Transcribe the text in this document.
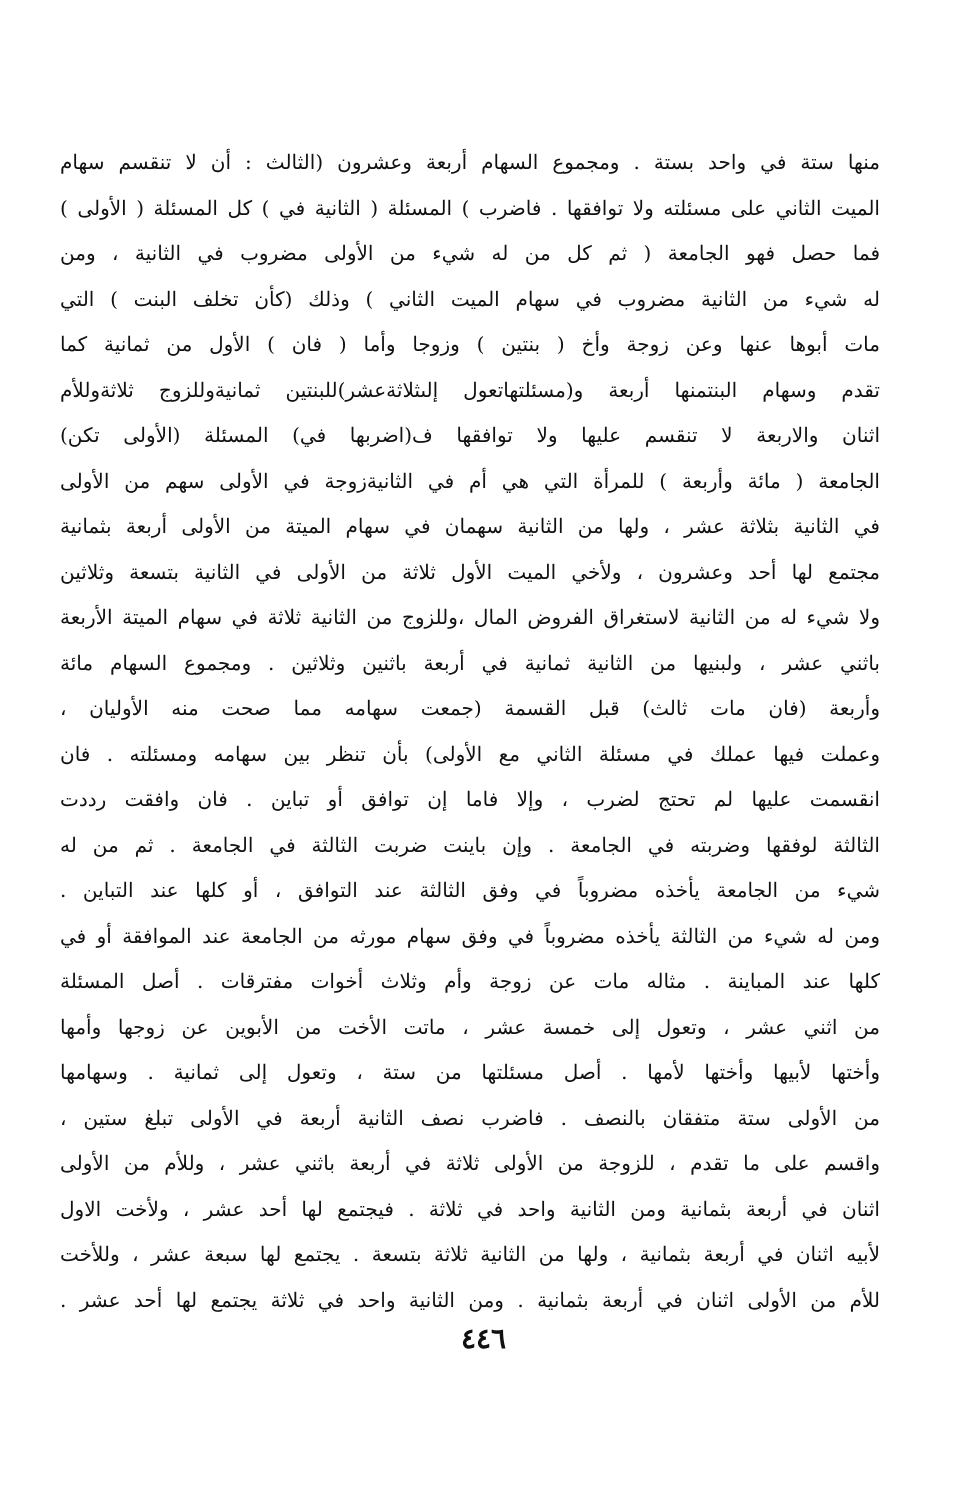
منها ستة في واحد بستة . ومجموع السهام أربعة وعشرون (الثالث : أن لا تنقسم سهام
الميت الثاني على مسئلته ولا توافقها . فاضرب ) المسئلة ( الثانية في ) كل المسئلة ( الأولى )
فما حصل فهو الجامعة ( ثم كل من له شيء من الأولى مضروب في الثانية ، ومن
له شيء من الثانية مضروب في سهام الميت الثاني ) وذلك (كأن تخلف البنت ) التي
مات أبوها عنها وعن زوجة وأخ ( بنتين ) وزوجا وأما ( فان ) الأول من ثمانية كما
تقدم وسهام البنتمنها أربعة و(مسئلتهاتعول إلىثلاثةعشر)للبنتين ثمانيةوللزوج ثلاثةوللأم
اثنان والاربعة لا تنقسم عليها ولا توافقها ف(اضربها في) المسئلة (الأولى تكن)
الجامعة ( مائة وأربعة ) للمرأة التي هي أم في الثانيةزوجة في الأولى سهم من الأولى
في الثانية بثلاثة عشر ، ولها من الثانية سهمان في سهام الميتة من الأولى أربعة بثمانية
مجتمع لها أحد وعشرون ، ولأخي الميت الأول ثلاثة من الأولى في الثانية بتسعة وثلاثين
ولا شيء له من الثانية لاستغراق الفروض المال ،وللزوج من الثانية ثلاثة في سهام الميتة الأربعة
باثني عشر ، ولبنيها من الثانية ثمانية في أربعة باثنين وثلاثين . ومجموع السهام مائة
وأربعة (فان مات ثالث) قبل القسمة (جمعت سهامه مما صحت منه الأوليان ،
وعملت فيها عملك في مسئلة الثاني مع الأولى) بأن تنظر بين سهامه ومسئلته . فان
انقسمت عليها لم تحتج لضرب ، وإلا فاما إن توافق أو تباين . فان وافقت رددت
الثالثة لوفقها وضربته في الجامعة . وإن باينت ضربت الثالثة في الجامعة . ثم من له
شيء من الجامعة يأخذه مضروباً في وفق الثالثة عند التوافق ، أو كلها عند التباين .
ومن له شيء من الثالثة يأخذه مضروباً في وفق سهام مورثه من الجامعة عند الموافقة أو في
كلها عند المباينة . مثاله مات عن زوجة وأم وثلاث أخوات مفترقات . أصل المسئلة
من اثني عشر ، وتعول إلى خمسة عشر ، ماتت الأخت من الأبوين عن زوجها وأمها
وأختها لأبيها وأختها لأمها . أصل مسئلتها من ستة ، وتعول إلى ثمانية . وسهامها
من الأولى ستة متفقان بالنصف . فاضرب نصف الثانية أربعة في الأولى تبلغ ستين ،
واقسم على ما تقدم ، للزوجة من الأولى ثلاثة في أربعة باثني عشر ، وللأم من الأولى
اثنان في أربعة بثمانية ومن الثانية واحد في ثلاثة . فيجتمع لها أحد عشر ، ولأخت الاول
لأبيه اثنان في أربعة بثمانية ، ولها من الثانية ثلاثة بتسعة . يجتمع لها سبعة عشر ، وللأخت
للأم من الأولى اثنان في أربعة بثمانية . ومن الثانية واحد في ثلاثة يجتمع لها أحد عشر .
٤٤٦
